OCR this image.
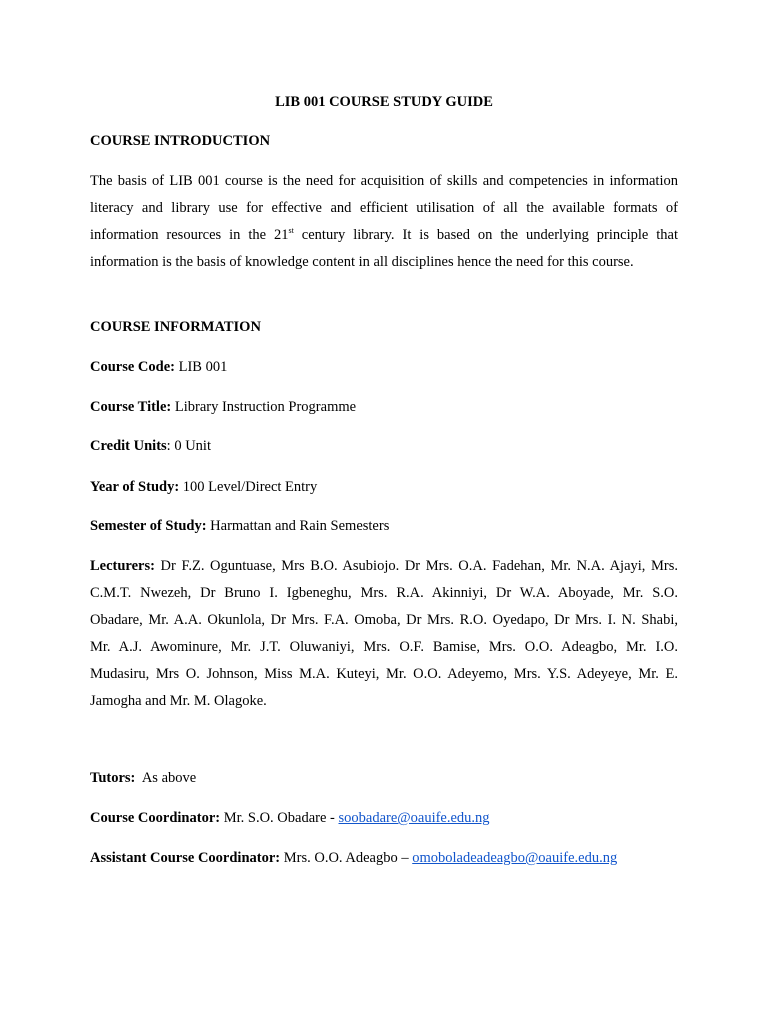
LIB 001 COURSE STUDY GUIDE
COURSE INTRODUCTION
The basis of LIB 001 course is the need for acquisition of skills and competencies in information
literacy and library use for effective and efficient utilisation of all the available formats of
information resources in the 21st century library. It is based on the underlying principle that
information is the basis of knowledge content in all disciplines hence the need for this course.
COURSE INFORMATION
Course Code: LIB 001
Course Title: Library Instruction Programme
Credit Units: 0 Unit
Year of Study: 100 Level/Direct Entry
Semester of Study: Harmattan and Rain Semesters
Lecturers: Dr F.Z. Oguntuase, Mrs B.O. Asubiojo. Dr Mrs. O.A. Fadehan, Mr. N.A. Ajayi, Mrs.
C.M.T. Nwezeh, Dr Bruno I. Igbeneghu, Mrs. R.A. Akinniyi, Dr W.A. Aboyade, Mr. S.O.
Obadare, Mr. A.A. Okunlola, Dr Mrs. F.A. Omoba, Dr Mrs. R.O. Oyedapo, Dr Mrs. I. N. Shabi,
Mr. A.J. Awominure, Mr. J.T. Oluwaniyi, Mrs. O.F. Bamise, Mrs. O.O. Adeagbo, Mr. I.O.
Mudasiru, Mrs O. Johnson, Miss M.A. Kuteyi, Mr. O.O. Adeyemo, Mrs. Y.S. Adeyeye, Mr. E.
Jamogha and Mr. M. Olagoke.
Tutors:  As above
Course Coordinator: Mr. S.O. Obadare - soobadare@oauife.edu.ng
Assistant Course Coordinator: Mrs. O.O. Adeagbo – omoboladeadeagbo@oauife.edu.ng
